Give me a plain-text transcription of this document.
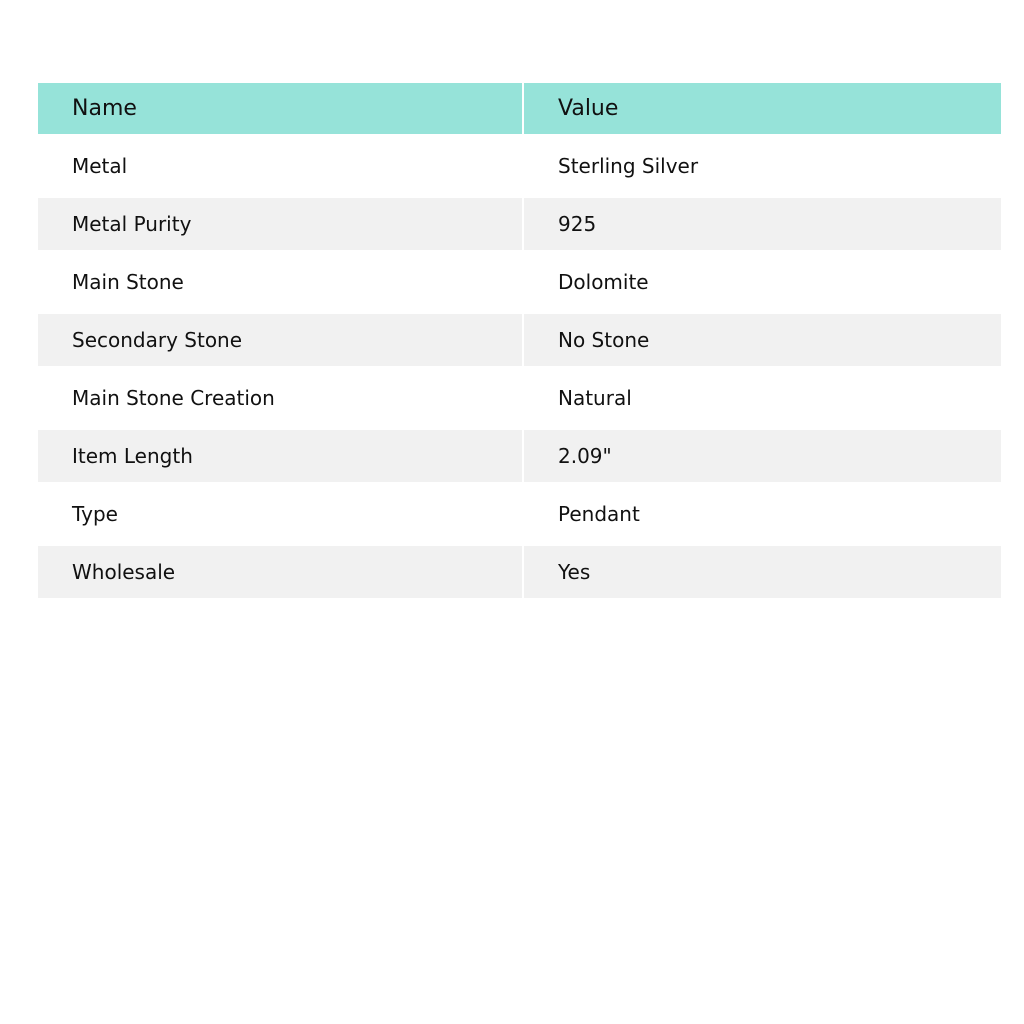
Name	Value
Metal	Sterling Silver
Metal Purity	925
Main Stone	Dolomite
Secondary Stone	No Stone
Main Stone Creation	Natural
Item Length	2.09"
Type	Pendant
Wholesale	Yes
